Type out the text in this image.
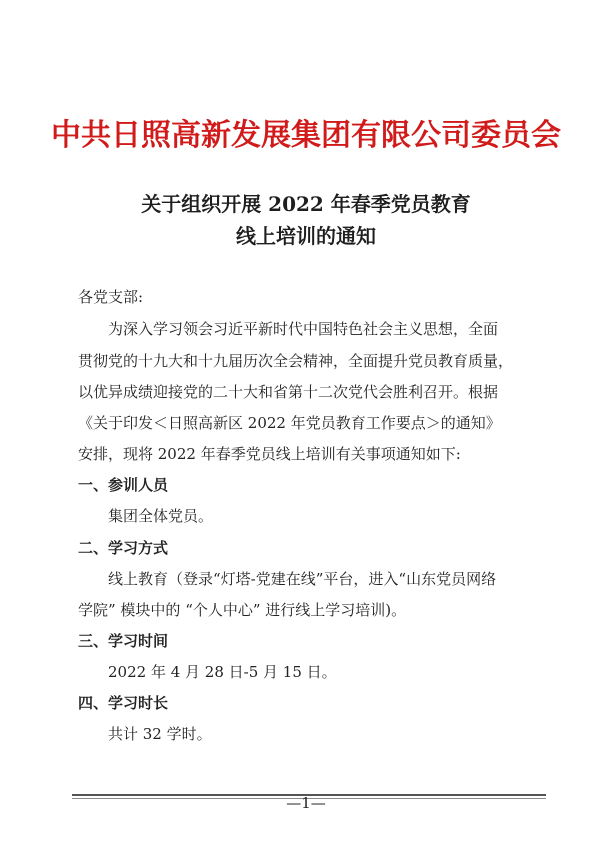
中共日照高新发展集团有限公司委员会
关于组织开展 2022 年春季党员教育
线上培训的通知
各党支部:
为深入学习领会习近平新时代中国特色社会主义思想，全面
贯彻党的十九大和十九届历次全会精神，全面提升党员教育质量，
以优异成绩迎接党的二十大和省第十二次党代会胜利召开。根据
《关于印发＜日照高新区 2022 年党员教育工作要点＞的通知》
安排，现将 2022 年春季党员线上培训有关事项通知如下:
一、参训人员
集团全体党员。
二、学习方式
线上教育（登录“灯塔-党建在线”平台，进入“山东党员网络
学院” 模块中的 “个人中心” 进行线上学习培训)。
三、学习时间
2022 年 4 月 28 日-5 月 15 日。
四、学习时长
共计 32 学时。
—1—
